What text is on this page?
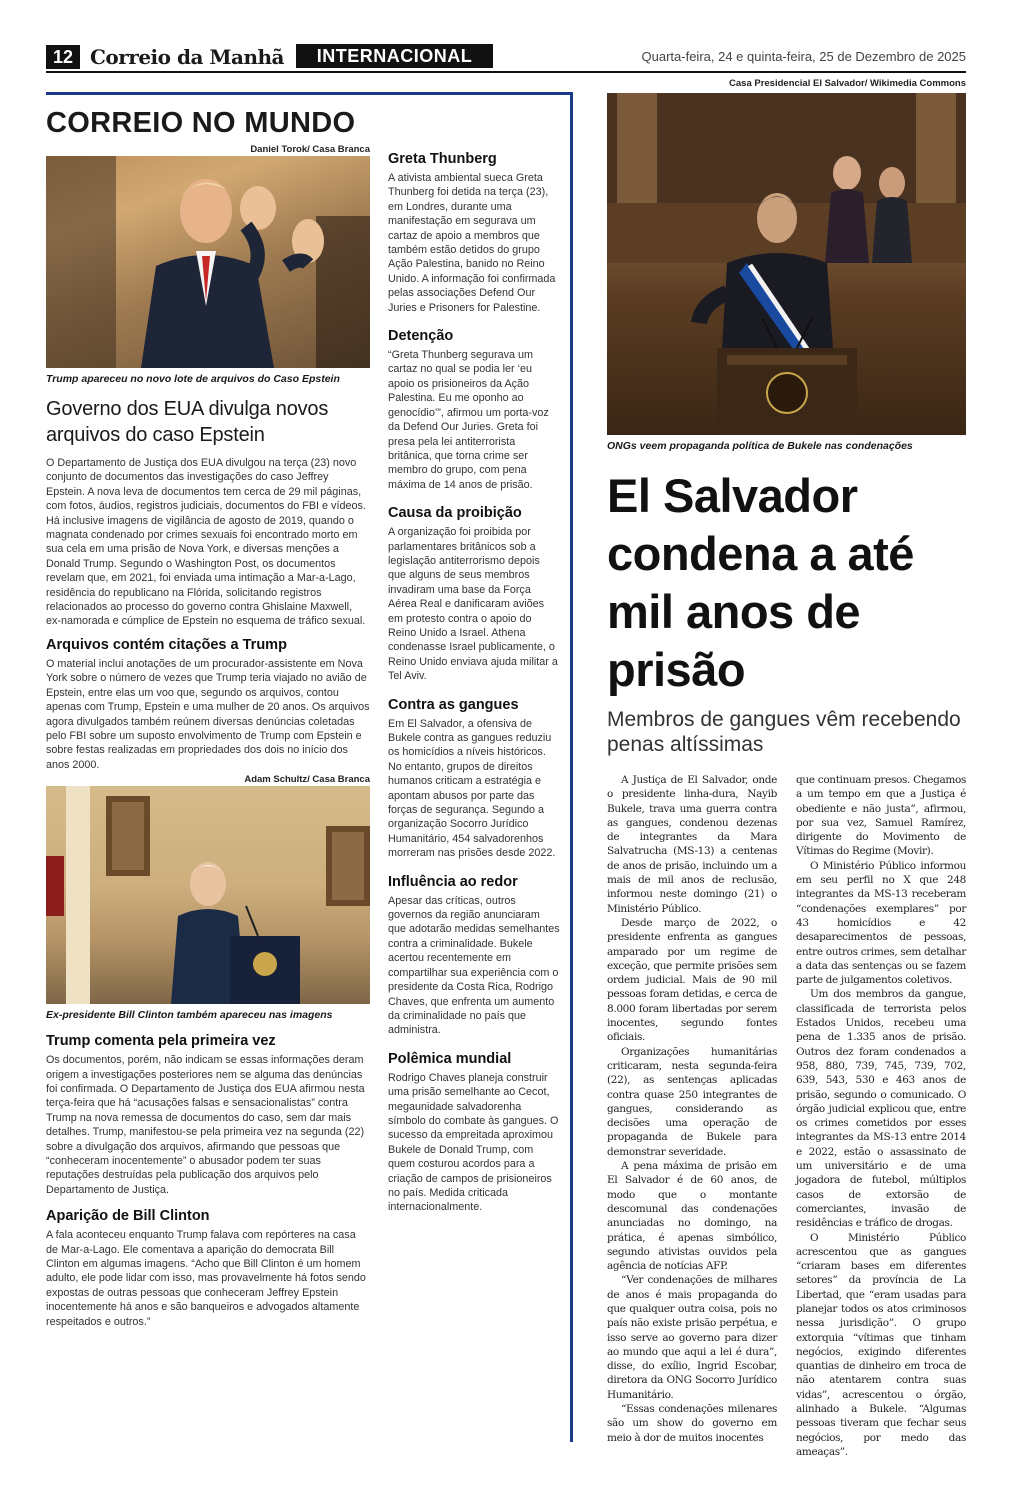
12 Correio da Manhã	INTERNACIONAL	Quarta-feira, 24 e quinta-feira, 25 de Dezembro de 2025
CORREIO NO MUNDO
Daniel Torok/ Casa Branca
Trump apareceu no novo lote de arquivos do Caso Epstein
Governo dos EUA divulga novos arquivos do caso Epstein

O Departamento de Justiça dos EUA divulgou na terça (23) novo conjunto de documentos das investigações do caso Jeffrey Epstein. A nova leva de documentos tem cerca de 29 mil páginas, com fotos, áudios, registros judiciais, documentos do FBI e vídeos. Há inclusive imagens de vigilância de agosto de 2019, quando o magnata condenado por crimes sexuais foi encontrado morto em sua cela em uma prisão de Nova York, e diversas menções a Donald Trump. Segundo o Washington Post, os documentos revelam que, em 2021, foi enviada uma intimação a Mar-a-Lago, residência do republicano na Flórida, solicitando registros relacionados ao processo do governo contra Ghislaine Maxwell, ex-namorada e cúmplice de Epstein no esquema de tráfico sexual.

Arquivos contém citações a Trump

O material inclui anotações de um procurador-assistente em Nova York sobre o número de vezes que Trump teria viajado no avião de Epstein, entre elas um voo que, segundo os arquivos, contou apenas com Trump, Epstein e uma mulher de 20 anos. Os arquivos agora divulgados também reúnem diversas denúncias coletadas pelo FBI sobre um suposto envolvimento de Trump com Epstein e sobre festas realizadas em propriedades dos dois no início dos anos 2000.

Adam Schultz/ Casa Branca
Ex-presidente Bill Clinton também apareceu nas imagens
Trump comenta pela primeira vez

Os documentos, porém, não indicam se essas informações deram origem a investigações posteriores nem se alguma das denúncias foi confirmada. O Departamento de Justiça dos EUA afirmou nesta terça-feira que há “acusações falsas e sensacionalistas” contra Trump na nova remessa de documentos do caso, sem dar mais detalhes. Trump, manifestou-se pela primeira vez na segunda (22) sobre a divulgação dos arquivos, afirmando que pessoas que “conheceram inocentemente” o abusador podem ter suas reputações destruídas pela publicação dos arquivos pelo Departamento de Justiça.

Aparição de Bill Clinton

A fala aconteceu enquanto Trump falava com repórteres na casa de Mar-a-Lago. Ele comentava a aparição do democrata Bill Clinton em algumas imagens. “Acho que Bill Clinton é um homem adulto, ele pode lidar com isso, mas provavelmente há fotos sendo expostas de outras pessoas que conheceram Jeffrey Epstein inocentemente há anos e são banqueiros e advogados altamente respeitados e outros.”

Greta Thunberg

A ativista ambiental sueca Greta Thunberg foi detida na terça (23), em Londres, durante uma manifestação em segurava um cartaz de apoio a membros que também estão detidos do grupo Ação Palestina, banido no Reino Unido. A informação foi confirmada pelas associações Defend Our Juries e Prisoners for Palestine.

Detenção

“Greta Thunberg segurava um cartaz no qual se podia ler ‘eu apoio os prisioneiros da Ação Palestina. Eu me oponho ao genocídio’”, afirmou um porta-voz da Defend Our Juries. Greta foi presa pela lei antiterrorista britânica, que torna crime ser membro do grupo, com pena máxima de 14 anos de prisão.

Causa da proibição

A organização foi proibida por parlamentares britânicos sob a legislação antiterrorismo depois que alguns de seus membros invadiram uma base da Força Aérea Real e danificaram aviões em protesto contra o apoio do Reino Unido a Israel. Athena condenasse Israel publicamente, o Reino Unido enviava ajuda militar a Tel Aviv.

Contra as gangues

Em El Salvador, a ofensiva de Bukele contra as gangues reduziu os homicídios a níveis históricos. No entanto, grupos de direitos humanos criticam a estratégia e apontam abusos por parte das forças de segurança. Segundo a organização Socorro Jurídico Humanitário, 454 salvadorenhos morreram nas prisões desde 2022.

Influência ao redor

Apesar das críticas, outros governos da região anunciaram que adotarão medidas semelhantes contra a criminalidade. Bukele acertou recentemente em compartilhar sua experiência com o presidente da Costa Rica, Rodrigo Chaves, que enfrenta um aumento da criminalidade no país que administra.

Polêmica mundial

Rodrigo Chaves planeja construir uma prisão semelhante ao Cecot, megaunidade salvadorenha símbolo do combate às gangues. O sucesso da empreitada aproximou Bukele de Donald Trump, com quem costurou acordos para a criação de campos de prisioneiros no país. Medida criticada internacionalmente.

Casa Presidencial El Salvador/ Wikimedia Commons
ONGs veem propaganda política de Bukele nas condenações
El Salvador condena a até mil anos de prisão
Membros de gangues vêm recebendo penas altíssimas

A Justiça de El Salvador, onde o presidente linha-dura, Nayib Bukele, trava uma guerra contra as gangues, condenou dezenas de integrantes da Mara Salvatrucha (MS-13) a centenas de anos de prisão, incluindo um a mais de mil anos de reclusão, informou neste domingo (21) o Ministério Público.

Desde março de 2022, o presidente enfrenta as gangues amparado por um regime de exceção, que permite prisões sem ordem judicial. Mais de 90 mil pessoas foram detidas, e cerca de 8.000 foram libertadas por serem inocentes, segundo fontes oficiais.

Organizações humanitárias criticaram, nesta segunda-feira (22), as sentenças aplicadas contra quase 250 integrantes de gangues, considerando as decisões uma operação de propaganda de Bukele para demonstrar severidade.

A pena máxima de prisão em El Salvador é de 60 anos, de modo que o montante descomunal das condenações anunciadas no domingo, na prática, é apenas simbólico, segundo ativistas ouvidos pela agência de notícias AFP.

“Ver condenações de milhares de anos é mais propaganda do que qualquer outra coisa, pois no país não existe prisão perpétua, e isso serve ao governo para dizer ao mundo que aqui a lei é dura”, disse, do exílio, Ingrid Escobar, diretora da ONG Socorro Jurídico Humanitário.

“Essas condenações milenares são um show do governo em meio à dor de muitos inocentes

que continuam presos. Chegamos a um tempo em que a Justiça é obediente e não justa”, afirmou, por sua vez, Samuel Ramírez, dirigente do Movimento de Vítimas do Regime (Movir).

O Ministério Público informou em seu perfil no X que 248 integrantes da MS-13 receberam “condenações exemplares” por 43 homicídios e 42 desaparecimentos de pessoas, entre outros crimes, sem detalhar a data das sentenças ou se fazem parte de julgamentos coletivos.

Um dos membros da gangue, classificada de terrorista pelos Estados Unidos, recebeu uma pena de 1.335 anos de prisão. Outros dez foram condenados a 958, 880, 739, 745, 739, 702, 639, 543, 530 e 463 anos de prisão, segundo o comunicado. O órgão judicial explicou que, entre os crimes cometidos por esses integrantes da MS-13 entre 2014 e 2022, estão o assassinato de um universitário e de uma jogadora de futebol, múltiplos casos de extorsão de comerciantes, invasão de residências e tráfico de drogas.

O Ministério Público acrescentou que as gangues “criaram bases em diferentes setores” da província de La Libertad, que “eram usadas para planejar todos os atos criminosos nessa jurisdição”. O grupo extorquia “vítimas que tinham negócios, exigindo diferentes quantias de dinheiro em troca de não atentarem contra suas vidas”, acrescentou o órgão, alinhado a Bukele. “Algumas pessoas tiveram que fechar seus negócios, por medo das ameaças”.
